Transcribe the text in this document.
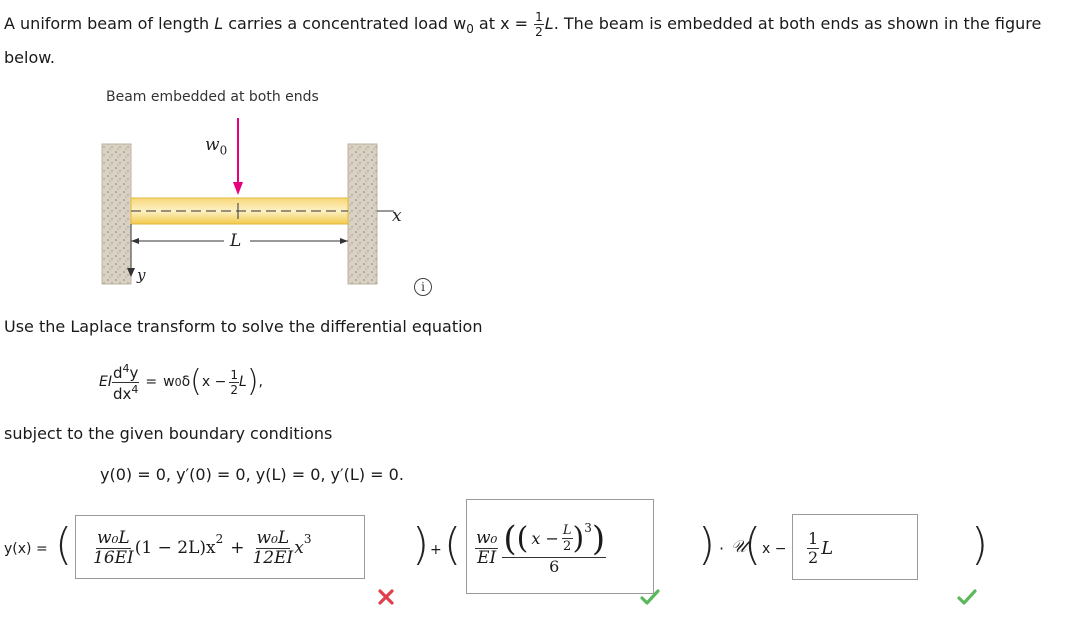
A uniform beam of length L carries a concentrated load $w_0$ at $x = \frac{1}{2} L$. The beam is embedded at both ends as shown in the figure
below.
Beam embedded at both ends
$w_0$
L
x
y
i
Use the Laplace transform to solve the differential equation
EI $\frac{d^4y}{dx^4} = w$ 0 δ ( $x - \frac{1}{2}$ L ) ,
subject to the given boundary conditions
y(0) = 0, y′(0) = 0, y(L) = 0, y′(L) = 0.
y(x) = ( $\frac{\text{w₀L}}{16EI} (1 - 2L)x^2 + \frac{\text{w₀L}}{12EI} x^3$ ) + ( $\frac{\text{w₀}}{EI} \frac{( ( x - \frac{L}{2} )^3 )}{6}$ ) · 𝒰
( $x - \frac{1}{2}$ L	)
